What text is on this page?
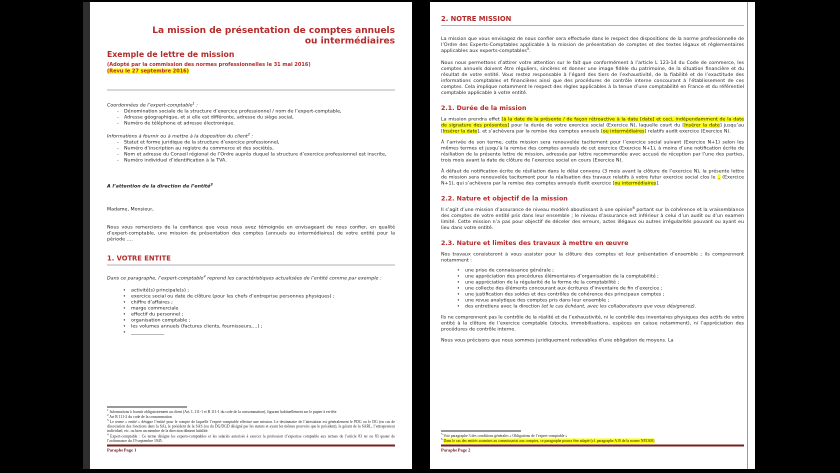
La mission de présentation de comptes annuels
ou intermédiaires
Exemple de lettre de mission
(Adopté par la commission des normes professionnelles le 31 mai 2016)
(Revu le 27 septembre 2016)
Coordonnées de l’expert-comptable$^1$ :
- Dénomination sociale de la structure d’exercice professionnel / nom de l’expert-comptable,
- Adresse géographique, et si elle est différente, adresse du siège social,
- Numéro de téléphone et adresse électronique.
Informations à fournir ou à mettre à la disposition du client$^2$ :
- Statut et forme juridique de la structure d’exercice professionnel,
- Numéro d’inscription au registre du commerce et des sociétés,
- Nom et adresse du Conseil régional de l’Ordre auprès duquel la structure d’exercice professionnel est inscrite,
- Numéro individuel d’identification à la TVA.
A l’attention de la direction de l’entité$^3$
Madame, Monsieur,
Nous vous remercions de la confiance que vous nous avez témoignée en envisageant de nous confier, en qualité d’expert-comptable, une mission de présentation des comptes [annuels ou intermédiaires] de votre entité pour la période ….
1. VOTRE ENTITE
Dans ce paragraphe, l’expert-comptable$^4$ reprend les caractéristiques actualisées de l’entité comme par exemple :
• activité(s) principale(s) ;
• exercice social ou date de clôture (pour les chefs d’entreprise personnes physiques) ;
• chiffre d’affaires ;
• marge commerciale
• effectif du personnel ;
• organisation comptable ;
• les volumes annuels (factures clients, fournisseurs,…) ;
• ______________
$^1$ Informations à fournir obligatoirement au client (Art. L 111-1 et R 111-1 du code de la consommation), figurant habituellement sur le papier à en-tête
$^2$ Art R 111-2 du code de la consommation
$^3$ Le terme « entité » désigne l’entité pour le compte de laquelle l’expert-comptable effectue une mission. Le destinataire de l’attestation est généralement le PDG ou le DG (en cas de dissociation des fonctions dans la SA), le président de la SAS (ou du DG/DGD désigné par les statuts et ayant les mêmes pouvoirs que le président), le gérant de la SARL, l’entrepreneur individuel, etc. ou bien un membre de la direction dûment habilité.
$^4$ Expert-comptable : Ce terme désigne les experts-comptables et les salariés autorisés à exercer la profession d’expertise comptable aux termes de l’article 83 ter ou 83 quater de l’ordonnance du 19 septembre 1945.
ParaphePage 1
2. NOTRE MISSION
La mission que vous envisagez de nous confier sera effectuée dans le respect des dispositions de la norme professionnelle de l’Ordre des Experts-Comptables applicable à la mission de présentation de comptes et des textes légaux et réglementaires applicables aux experts-comptables$^5$.
Nous nous permettons d’attirer votre attention sur le fait que conformément à l’article L 123-14 du Code de commerce, les comptes annuels doivent être réguliers, sincères et donner une image fidèle du patrimoine, de la situation financière et du résultat de votre entité. Vous restez responsable à l’égard des tiers de l’exhaustivité, de la fiabilité et de l’exactitude des informations comptables et financières ainsi que des procédures de contrôle interne concourant à l’établissement de ces comptes. Cela implique notamment le respect des règles applicables à la tenue d’une comptabilité en France et du référentiel comptable applicable à votre entité.
2.1. Durée de la mission
La mission prendra effet [à la date de la présente / de façon rétroactive à la date [date] et ceci, indépendamment de la date de signature des présentes] pour la durée de votre exercice social (Exercice N), laquelle court du [Insérer la date] jusqu’au [Insérer la date], et s’achèvera par la remise des comptes annuels [ou intermédiaires] relatifs audit exercice (Exercice N).
À l’arrivée de son terme, cette mission sera renouvelée tacitement pour l’exercice social suivant (Exercice N+1) selon les mêmes termes et jusqu’à la remise des comptes annuels de cet exercice (Exercice N+1), à moins d’une notification écrite de résiliation de la présente lettre de mission, adressée par lettre recommandée avec accusé de réception par l’une des parties, trois mois avant la date de clôture de l’exercice social en cours (Exercice N).
À défaut de notification écrite de résiliation dans le délai convenu (3 mois avant la clôture de l’exercice N), la présente lettre de mission sera renouvelée tacitement pour la réalisation des travaux relatifs à votre futur exercice social clos le .. (Exercice N+1), qui s’achèvera par la remise des comptes annuels dudit exercice [ou intermédiaires].
2.2. Nature et objectif de la mission
Il s’agit d’une mission d’assurance de niveau modéré aboutissant à une opinion$^6$ portant sur la cohérence et la vraisemblance des comptes de votre entité pris dans leur ensemble ; le niveau d’assurance est inférieur à celui d’un audit ou d’un examen limité. Cette mission n’a pas pour objectif de déceler des erreurs, actes illégaux ou autres irrégularités pouvant ou ayant eu lieu dans votre entité.
2.3. Nature et limites des travaux à mettre en œuvre
Nos travaux consisteront à vous assister pour la clôture des comptes et leur présentation d’ensemble ; ils comprennent notamment :
• une prise de connaissance générale ;
• une appréciation des procédures élémentaires d’organisation de la comptabilité ;
• une appréciation de la régularité de la forme de la comptabilité ;
• une collecte des éléments concourant aux écritures d’inventaire de fin d’exercice ;
• une justification des soldes et des contrôles de cohérence des principaux comptes ;
• une revue analytique des comptes pris dans leur ensemble ;
• des entretiens avec la direction (et le cas échéant, avec les collaborateurs que vous désignerez).
Ils ne comprennent pas le contrôle de la réalité et de l’exhaustivité, ni le contrôle des inventaires physiques des actifs de votre entité à la clôture de l’exercice comptable (stocks, immobilisations, espèces en caisse notamment), ni l’appréciation des procédures de contrôle interne.
Nous vous précisons que nous sommes juridiquement redevables d’une obligation de moyens. La
$^5$ Voir paragraphe 3 des conditions générales « Obligations de l’expert-comptable »
$^6$ Dans le cas des entités soumises au commissariat aux comptes, ce paragraphe pourra être adapté (cf. paragraphe A10 de la norme NP2300)
ParaphePage 2
